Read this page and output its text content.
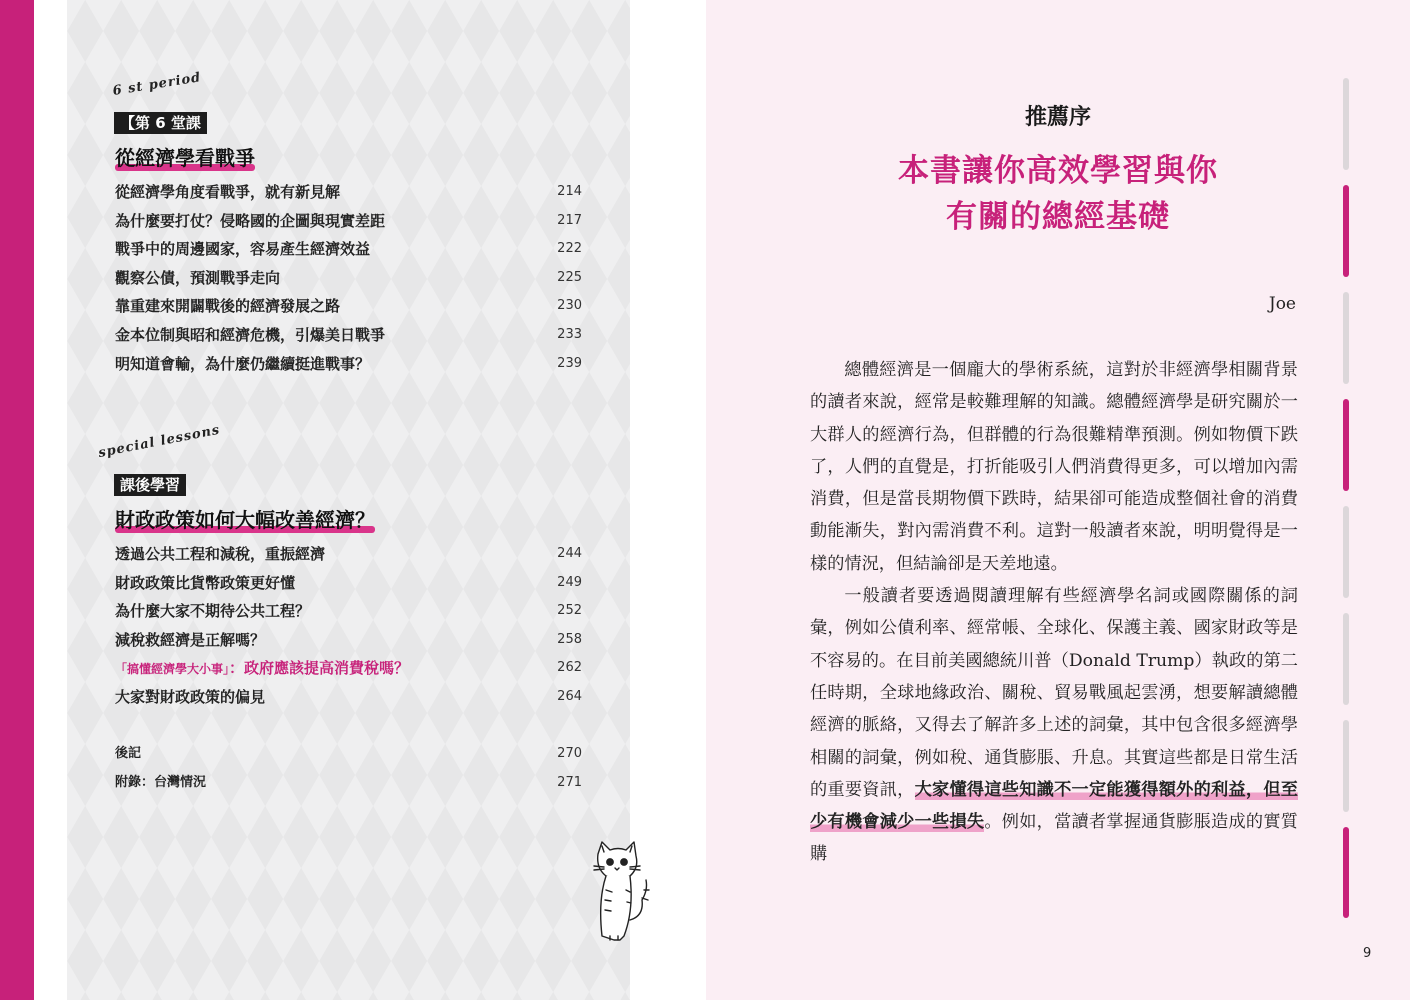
6 st period
【第 6 堂課
從經濟學看戰爭
從經濟學角度看戰爭，就有新見解	214
為什麼要打仗？侵略國的企圖與現實差距	217
戰爭中的周邊國家，容易產生經濟效益	222
觀察公債，預測戰爭走向	225
靠重建來開闢戰後的經濟發展之路	230
金本位制與昭和經濟危機，引爆美日戰爭	233
明知道會輸，為什麼仍繼續挺進戰事？	239
special lessons
課後學習
財政政策如何大幅改善經濟？
透過公共工程和減稅，重振經濟	244
財政政策比貨幣政策更好懂	249
為什麼大家不期待公共工程？	252
減稅救經濟是正解嗎？	258
「搞懂經濟學大小事」：政府應該提高消費稅嗎？	262
大家對財政政策的偏見	264
後記	270
附錄：台灣情況	271
推薦序
本書讓你高效學習與你
有關的總經基礎
Joe

總體經濟是一個龐大的學術系統，這對於非經濟學相關背景的讀者來說，經常是較難理解的知識。總體經濟學是研究關於一大群人的經濟行為，但群體的行為很難精準預測。例如物價下跌了，人們的直覺是，打折能吸引人們消費得更多，可以增加內需消費，但是當長期物價下跌時，結果卻可能造成整個社會的消費動能漸失，對內需消費不利。這對一般讀者來說，明明覺得是一樣的情況，但結論卻是天差地遠。

一般讀者要透過閱讀理解有些經濟學名詞或國際關係的詞彙，例如公債利率、經常帳、全球化、保護主義、國家財政等是不容易的。在目前美國總統川普（Donald Trump）執政的第二任時期，全球地緣政治、關稅、貿易戰風起雲湧，想要解讀總體經濟的脈絡，又得去了解許多上述的詞彙，其中包含很多經濟學相關的詞彙，例如稅、通貨膨脹、升息。其實這些都是日常生活的重要資訊，大家懂得這些知識不一定能獲得額外的利益，但至少有機會減少一些損失。例如，當讀者掌握通貨膨脹造成的實質購

9
